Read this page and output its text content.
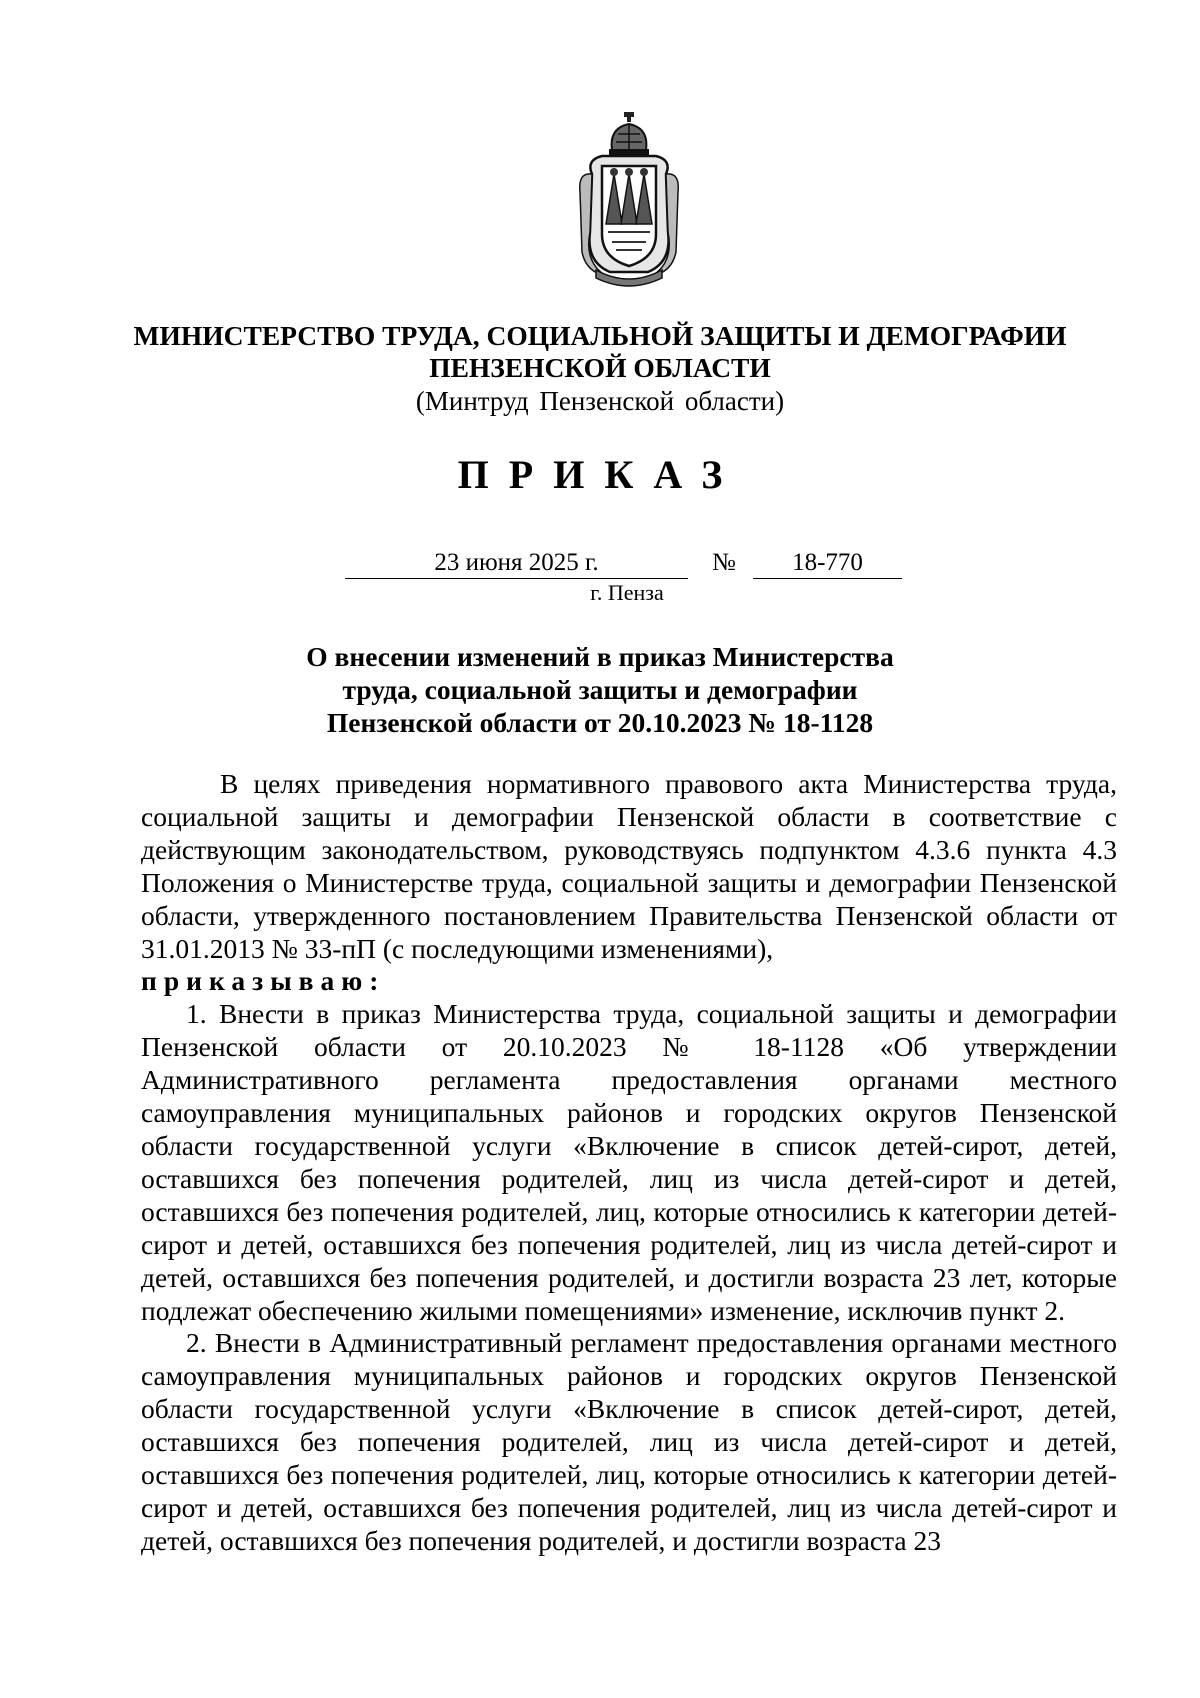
МИНИСТЕРСТВО ТРУДА, СОЦИАЛЬНОЙ ЗАЩИТЫ И ДЕМОГРАФИИ
ПЕНЗЕНСКОЙ ОБЛАСТИ
(Минтруд Пензенской области)
ПРИКАЗ
23 июня 2025 г.	№	18-770
г. Пенза
О внесении изменений в приказ Министерства
труда, социальной защиты и демографии
Пензенской области от 20.10.2023 № 18-1128

В целях приведения нормативного правового акта Министерства труда, социальной защиты и демографии Пензенской области в соответствие с действующим законодательством, руководствуясь подпунктом 4.3.6 пункта 4.3 Положения о Министерстве труда, социальной защиты и демографии Пензенской области, утвержденного постановлением Правительства Пензенской области от 31.01.2013 № 33-пП (с последующими изменениями),

приказываю:

1. Внести в приказ Министерства труда, социальной защиты и демографии Пензенской области от 20.10.2023 № 18-1128 «Об утверждении Административного регламента предоставления органами местного самоуправления муниципальных районов и городских округов Пензенской области государственной услуги «Включение в список детей-сирот, детей, оставшихся без попечения родителей, лиц из числа детей-сирот и детей, оставшихся без попечения родителей, лиц, которые относились к категории детей-сирот и детей, оставшихся без попечения родителей, лиц из числа детей-сирот и детей, оставшихся без попечения родителей, и достигли возраста 23 лет, которые подлежат обеспечению жилыми помещениями» изменение, исключив пункт 2.

2. Внести в Административный регламент предоставления органами местного самоуправления муниципальных районов и городских округов Пензенской области государственной услуги «Включение в список детей-сирот, детей, оставшихся без попечения родителей, лиц из числа детей-сирот и детей, оставшихся без попечения родителей, лиц, которые относились к категории детей-сирот и детей, оставшихся без попечения родителей, лиц из числа детей-сирот и детей, оставшихся без попечения родителей, и достигли возраста 23
